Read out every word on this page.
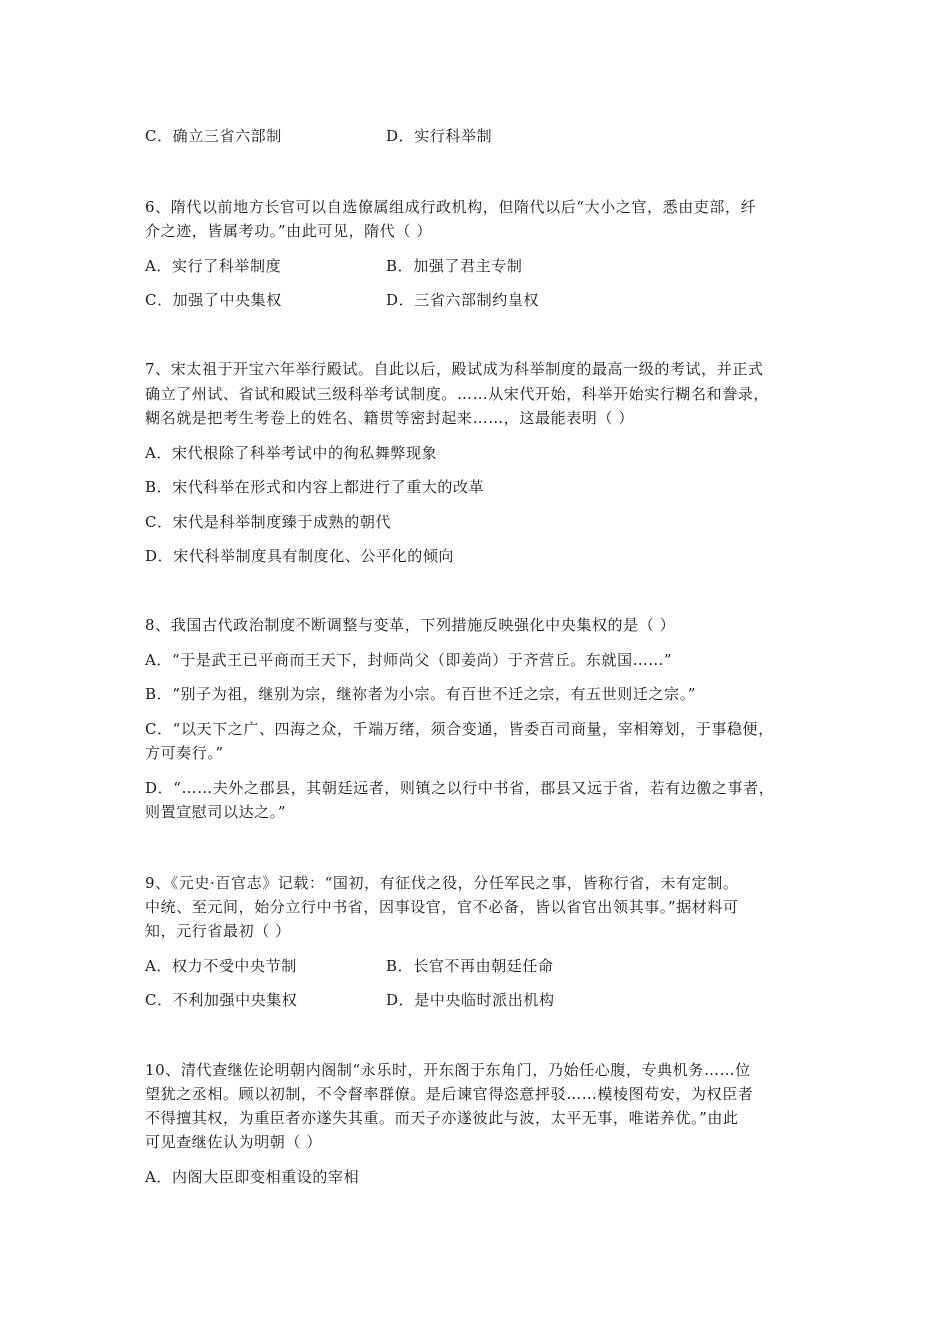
C．确立三省六部制	D．实行科举制
6、隋代以前地方长官可以自选僚属组成行政机构，但隋代以后“大小之官，悉由吏部，纤
介之迹，皆属考功。”由此可见，隋代（ ）
A．实行了科举制度	B．加强了君主专制
C．加强了中央集权	D．三省六部制约皇权
7、宋太祖于开宝六年举行殿试。自此以后，殿试成为科举制度的最高一级的考试，并正式
确立了州试、省试和殿试三级科举考试制度。……从宋代开始，科举开始实行糊名和誊录，
糊名就是把考生考卷上的姓名、籍贯等密封起来……，这最能表明（ ）
A．宋代根除了科举考试中的徇私舞弊现象
B．宋代科举在形式和内容上都进行了重大的改革
C．宋代是科举制度臻于成熟的朝代
D．宋代科举制度具有制度化、公平化的倾向
8、我国古代政治制度不断调整与变革，下列措施反映强化中央集权的是（ ）
A．“于是武王已平商而王天下，封师尚父（即姜尚）于齐营丘。东就国……”
B．“别子为祖，继别为宗，继祢者为小宗。有百世不迁之宗，有五世则迁之宗。”
C．“以天下之广、四海之众，千端万绪，须合变通，皆委百司商量，宰相筹划，于事稳便，
方可奏行。”
D．“……夫外之郡县，其朝廷远者，则镇之以行中书省，郡县又远于省，若有边徼之事者，
则置宣慰司以达之。”
9、《元史·百官志》记载：“国初，有征伐之役，分任军民之事，皆称行省，未有定制。
中统、至元间，始分立行中书省，因事设官，官不必备，皆以省官出领其事。”据材料可
知，元行省最初（ ）
A．权力不受中央节制	B．长官不再由朝廷任命
C．不利加强中央集权	D．是中央临时派出机构
10、清代查继佐论明朝内阁制“永乐时，开东阁于东角门，乃始任心腹，专典机务……位
望犹之丞相。顾以初制，不令督率群僚。是后谏官得恣意抨驳……模棱图苟安，为权臣者
不得擅其权，为重臣者亦遂失其重。而天子亦遂彼此与波，太平无事，唯诺养优。”由此
可见查继佐认为明朝（ ）
A．内阁大臣即变相重设的宰相
